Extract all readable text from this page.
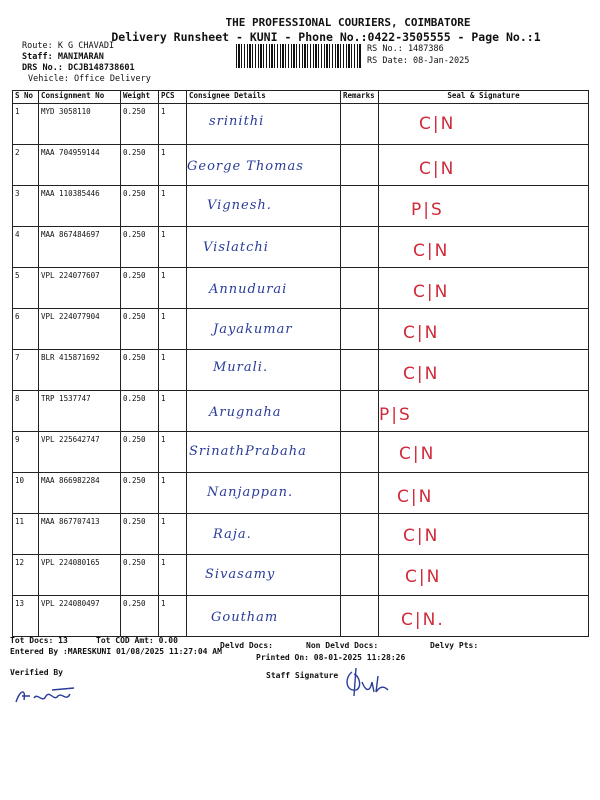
THE PROFESSIONAL COURIERS, COIMBATORE
Delivery Runsheet - KUNI - Phone No.:0422-3505555 - Page No.:1
Route: K G CHAVADI
Staff: MANIMARAN
DRS No.: DCJB148738601
Vehicle: Office Delivery
RS No.: 1487386
RS Date: 08-Jan-2025
S No	Consignment No	Weight	PCS	Consignee Details	Remarks	Seal & Signature

1	MYD 3058110	0.250	1	srinithi		C|N

2	MAA 704959144	0.250	1	George Thomas		C|N

3	MAA 110385446	0.250	1	Vignesh.		P|S

4	MAA 867484697	0.250	1	Vislatchi		C|N

5	VPL 224077607	0.250	1	Annudurai		C|N

6	VPL 224077904	0.250	1	Jayakumar		C|N

7	BLR 415871692	0.250	1	Murali.		C|N

8	TRP 1537747	0.250	1	Arugnaha		P|S

9	VPL 225642747	0.250	1	SrinathPrabaha		C|N

10	MAA 866982284	0.250	1	Nanjappan.		C|N

11	MAA 867707413	0.250	1	Raja.		C|N

12	VPL 224080165	0.250	1	Sivasamy		C|N

13	VPL 224080497	0.250	1	Goutham		C|N.
Tot Docs: 13	Tot COD Amt: 0.00
Delvd Docs:	Non Delvd Docs:	Delvy Pts:
Entered By :MARESKUNI 01/08/2025 11:27:04 AM
Printed On: 08-01-2025 11:28:26
Verified By	Staff Signature
